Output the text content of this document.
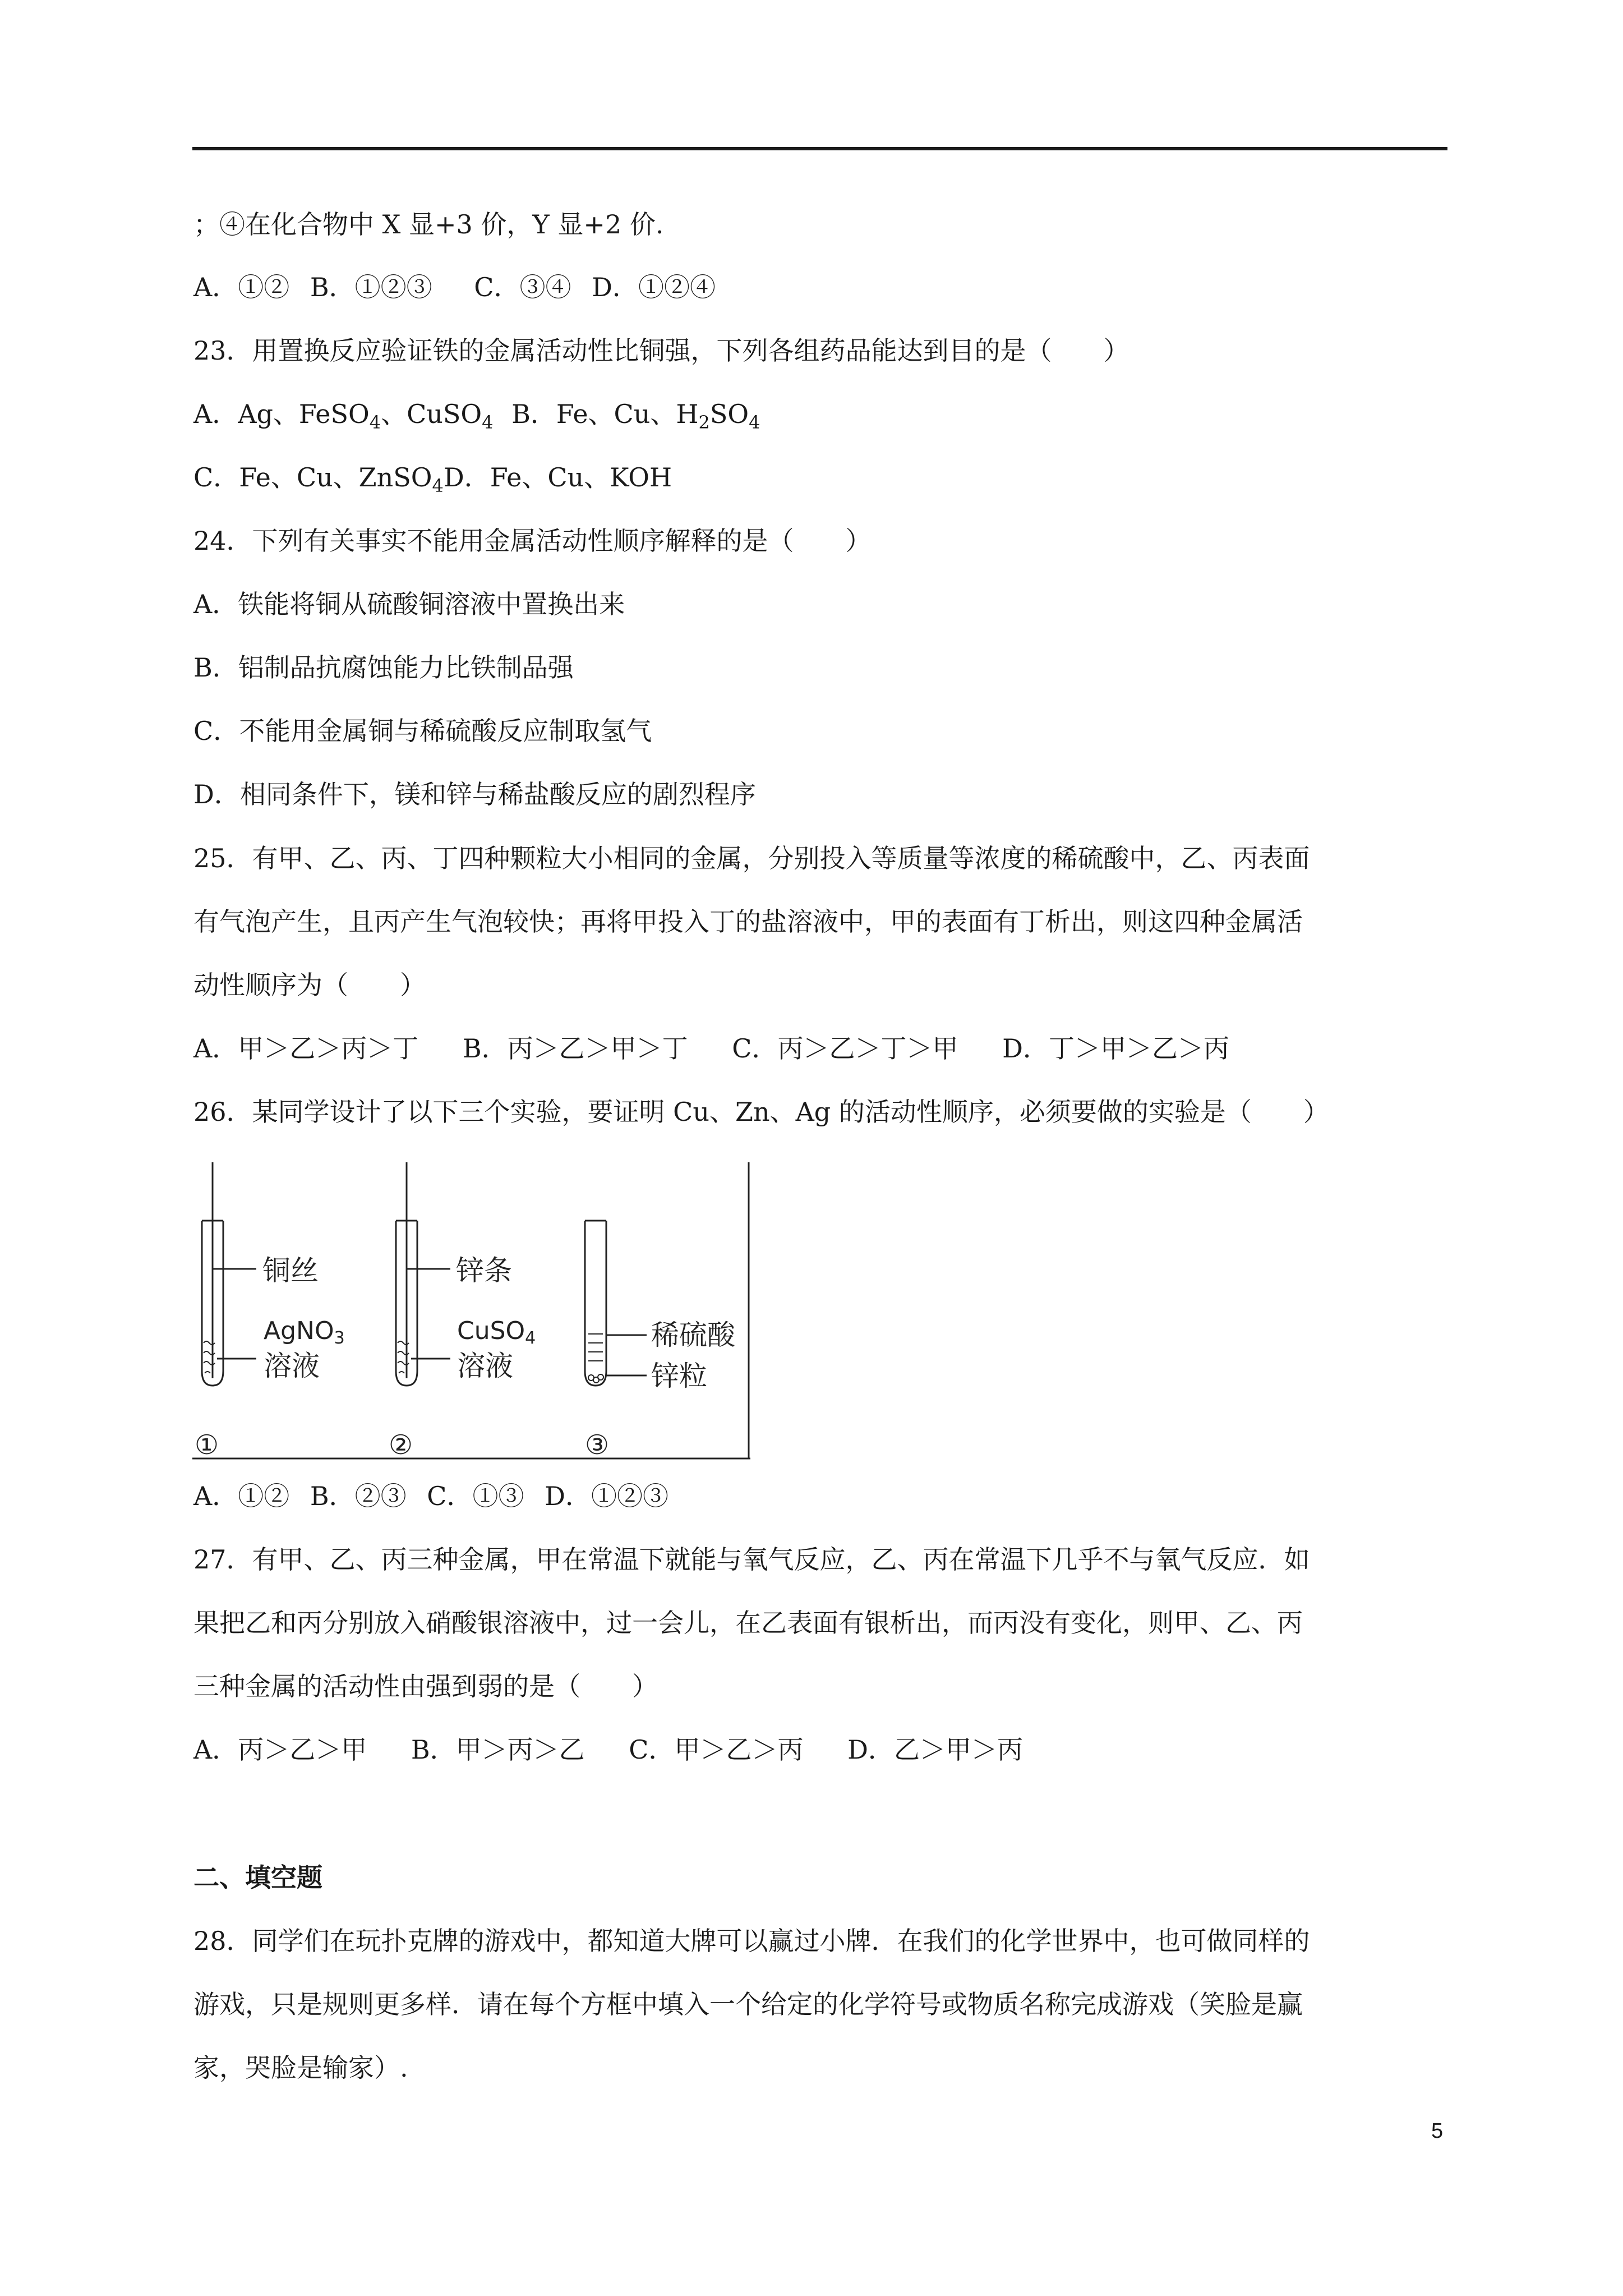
；④在化合物中 X 显+3 价，Y 显+2 价.
A．①② B．①②③ C．③④ D．①②④
23．用置换反应验证铁的金属活动性比铜强，下列各组药品能达到目的是（　　）
A．Ag、FeSO$_4$、CuSO$_4$ B．Fe、Cu、$H_2SO_4$
C．Fe、Cu、ZnSO$_4$D．Fe、Cu、KOH
24．下列有关事实不能用金属活动性顺序解释的是（　　）
A．铁能将铜从硫酸铜溶液中置换出来
B．铝制品抗腐蚀能力比铁制品强
C．不能用金属铜与稀硫酸反应制取氢气
D．相同条件下，镁和锌与稀盐酸反应的剧烈程序
25．有甲、乙、丙、丁四种颗粒大小相同的金属，分别投入等质量等浓度的稀硫酸中，乙、丙表面
有气泡产生，且丙产生气泡较快；再将甲投入丁的盐溶液中，甲的表面有丁析出，则这四种金属活
动性顺序为（　　）
A．甲＞乙＞丙＞丁 B．丙＞乙＞甲＞丁 C．丙＞乙＞丁＞甲 D．丁＞甲＞乙＞丙
26．某同学设计了以下三个实验，要证明 Cu、Zn、Ag 的活动性顺序，必须要做的实验是（　　）
铜丝
AgNO3
溶液
①
锌条
CuSO4
溶液
②
稀硫酸
锌粒
③
A．①② B．②③ C．①③ D．①②③
27．有甲、乙、丙三种金属，甲在常温下就能与氧气反应，乙、丙在常温下几乎不与氧气反应．如
果把乙和丙分别放入硝酸银溶液中，过一会儿，在乙表面有银析出，而丙没有变化，则甲、乙、丙
三种金属的活动性由强到弱的是（　　）
A．丙＞乙＞甲 B．甲＞丙＞乙 C．甲＞乙＞丙 D．乙＞甲＞丙
二、填空题
28．同学们在玩扑克牌的游戏中，都知道大牌可以赢过小牌．在我们的化学世界中，也可做同样的
游戏，只是规则更多样．请在每个方框中填入一个给定的化学符号或物质名称完成游戏（笑脸是赢
家，哭脸是输家）.
5
